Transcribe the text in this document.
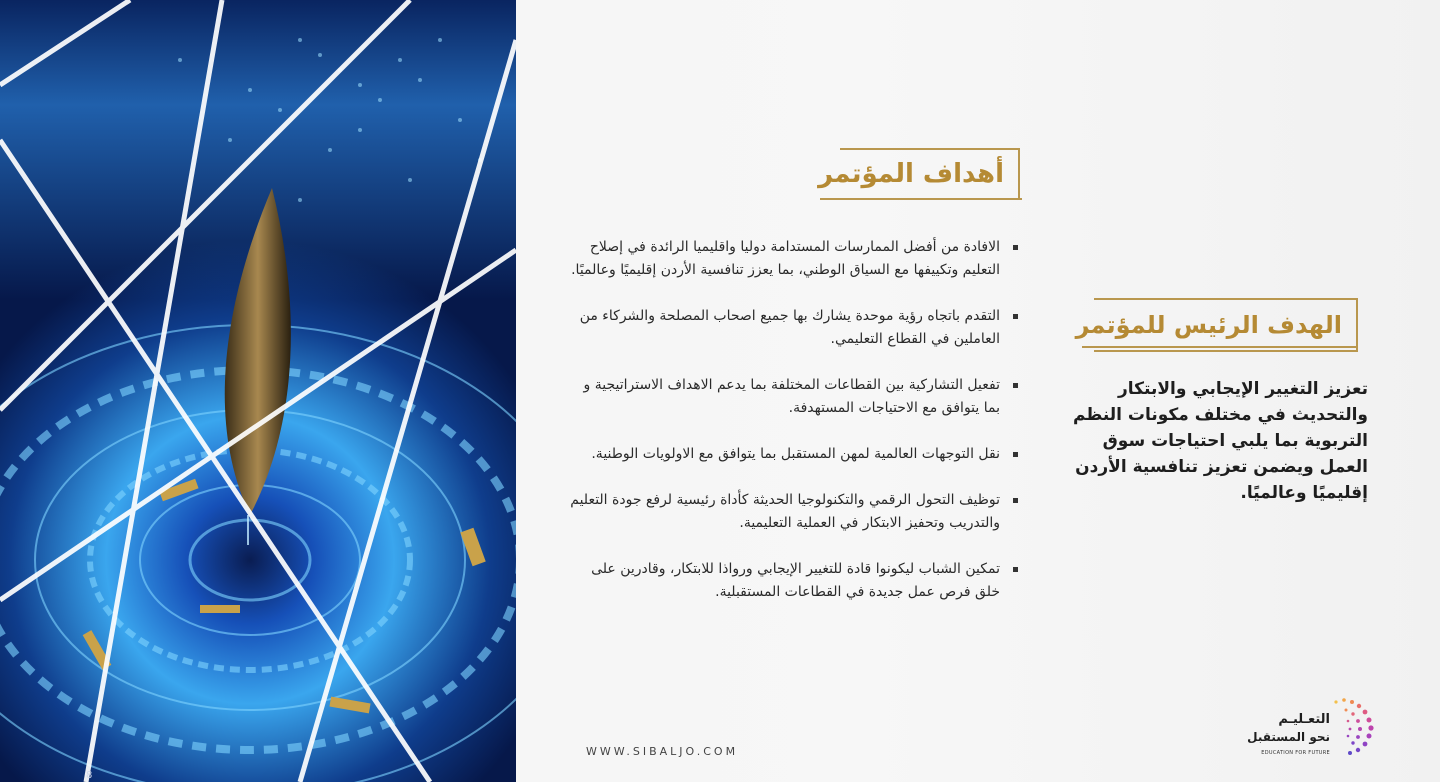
8
أهداف المؤتمر
الافادة من أفضل الممارسات المستدامة دوليا واقليميا الرائدة في إصلاح التعليم وتكييفها مع السياق الوطني، بما يعزز تنافسية الأردن إقليميًا وعالميًا.
التقدم باتجاه رؤية موحدة يشارك بها جميع اصحاب المصلحة والشركاء من العاملين في القطاع التعليمي.
تفعيل التشاركية بين القطاعات المختلفة بما يدعم الاهداف الاستراتيجية و بما يتوافق مع الاحتياجات المستهدفة.
نقل التوجهات العالمية لمهن المستقبل بما يتوافق مع الاولويات الوطنية.
توظيف التحول الرقمي والتكنولوجيا الحديثة كأداة رئيسية لرفع جودة التعليم والتدريب وتحفيز الابتكار في العملية التعليمية.
تمكين الشباب ليكونوا قادة للتغيير الإيجابي ورواذا للابتكار، وقادرين على خلق فرص عمل جديدة في القطاعات المستقبلية.
الهدف الرئيس للمؤتمر
تعزيز التغيير الإيجابي والابتكار والتحديث في مختلف مكونات النظم التربوية بما يلبي احتياجات سوق العمل ويضمن تعزيز تنافسية الأردن إقليميًا وعالميًا.
WWW.SIBALJO.COM
التعـليـم
نحو المستقبل
EDUCATION FOR FUTURE
